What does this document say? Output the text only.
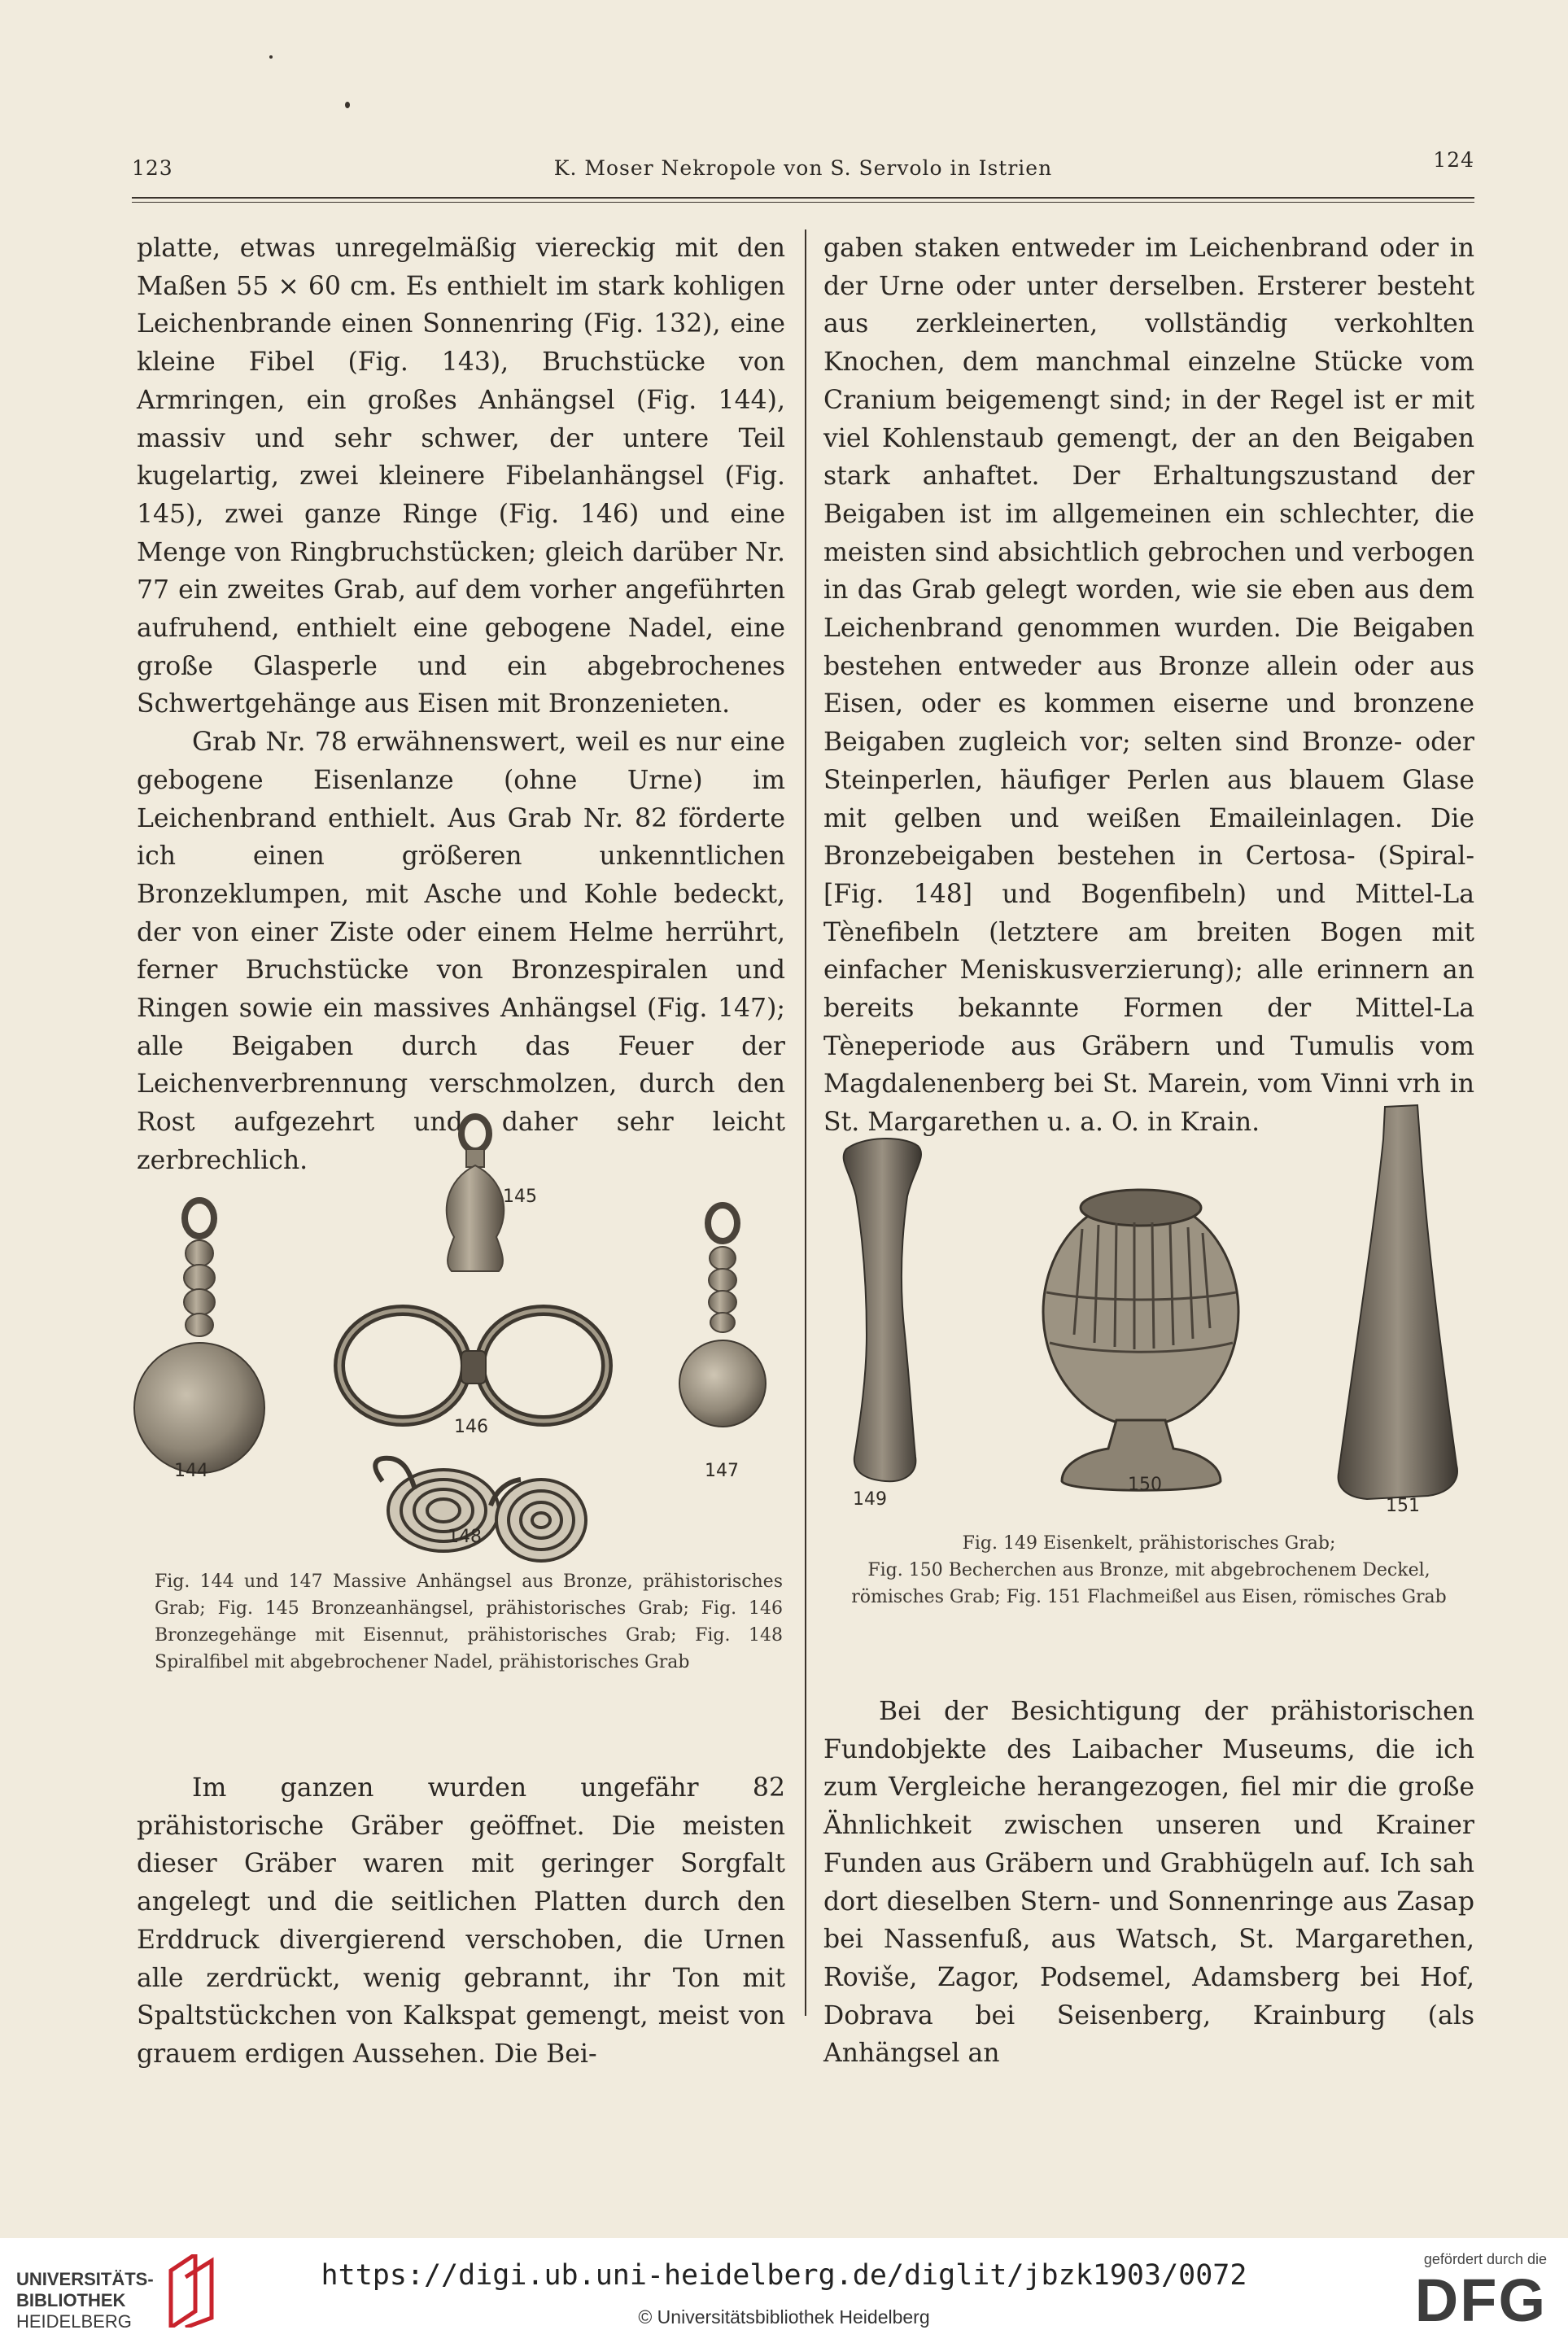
123	K. Moser Nekropole von S. Servolo in Istrien	124

platte, etwas unregelmäßig viereckig mit den Maßen 55 × 60 cm. Es enthielt im stark kohligen Leichenbrande einen Sonnenring (Fig. 132), eine kleine Fibel (Fig. 143), Bruchstücke von Armringen, ein großes Anhängsel (Fig. 144), massiv und sehr schwer, der untere Teil kugelartig, zwei kleinere Fibelanhängsel (Fig. 145), zwei ganze Ringe (Fig. 146) und eine Menge von Ringbruchstücken; gleich darüber Nr. 77 ein zweites Grab, auf dem vorher angeführten aufruhend, enthielt eine gebogene Nadel, eine große Glasperle und ein abgebrochenes Schwertgehänge aus Eisen mit Bronzenieten.

Grab Nr. 78 erwähnenswert, weil es nur eine gebogene Eisenlanze (ohne Urne) im Leichenbrand enthielt. Aus Grab Nr. 82 förderte ich einen größeren unkenntlichen Bronzeklumpen, mit Asche und Kohle bedeckt, der von einer Ziste oder einem Helme herrührt, ferner Bruchstücke von Bronzespiralen und Ringen sowie ein massives Anhängsel (Fig. 147); alle Beigaben durch das Feuer der Leichenverbrennung verschmolzen, durch den Rost aufgezehrt und daher sehr leicht zerbrechlich.

145
146
144	147
148
Fig. 144 und 147 Massive Anhängsel aus Bronze, prähistorisches Grab; Fig. 145 Bronzeanhängsel, prähistorisches Grab; Fig. 146 Bronzegehänge mit Eisennut, prähistorisches Grab; Fig. 148 Spiralfibel mit abgebrochener Nadel, prähistorisches Grab

Im ganzen wurden ungefähr 82 prähistorische Gräber geöffnet. Die meisten dieser Gräber waren mit geringer Sorgfalt angelegt und die seitlichen Platten durch den Erddruck divergierend verschoben, die Urnen alle zerdrückt, wenig gebrannt, ihr Ton mit Spaltstückchen von Kalkspat gemengt, meist von grauem erdigen Aussehen. Die Bei-

gaben staken entweder im Leichenbrand oder in der Urne oder unter derselben. Ersterer besteht aus zerkleinerten, vollständig verkohlten Knochen, dem manchmal einzelne Stücke vom Cranium beigemengt sind; in der Regel ist er mit viel Kohlenstaub gemengt, der an den Beigaben stark anhaftet. Der Erhaltungszustand der Beigaben ist im allgemeinen ein schlechter, die meisten sind absichtlich gebrochen und verbogen in das Grab gelegt worden, wie sie eben aus dem Leichenbrand genommen wurden. Die Beigaben bestehen entweder aus Bronze allein oder aus Eisen, oder es kommen eiserne und bronzene Beigaben zugleich vor; selten sind Bronze- oder Steinperlen, häufiger Perlen aus blauem Glase mit gelben und weißen Emaileinlagen. Die Bronzebeigaben bestehen in Certosa- (Spiral- [Fig. 148] und Bogenfibeln) und Mittel-La Tènefibeln (letztere am breiten Bogen mit einfacher Meniskusverzierung); alle erinnern an bereits bekannte Formen der Mittel-La Tèneperiode aus Gräbern und Tumulis vom Magdalenenberg bei St. Marein, vom Vinni vrh in St. Margarethen u. a. O. in Krain.

149
150
151
Fig. 149 Eisenkelt, prähistorisches Grab;
Fig. 150 Becherchen aus Bronze, mit abgebrochenem Deckel, römisches Grab; Fig. 151 Flachmeißel aus Eisen, römisches Grab

Bei der Besichtigung der prähistorischen Fundobjekte des Laibacher Museums, die ich zum Vergleiche herangezogen, fiel mir die große Ähnlichkeit zwischen unseren und Krainer Funden aus Gräbern und Grabhügeln auf. Ich sah dort dieselben Stern- und Sonnenringe aus Zasap bei Nassenfuß, aus Watsch, St. Margarethen, Roviše, Zagor, Podsemel, Adamsberg bei Hof, Dobrava bei Seisenberg, Krainburg (als Anhängsel an

UNIVERSITÄTS-
BIBLIOTHEK
HEIDELBERG
https://digi.ub.uni-heidelberg.de/diglit/jbzk1903/0072
© Universitätsbibliothek Heidelberg
gefördert durch die
DFG
